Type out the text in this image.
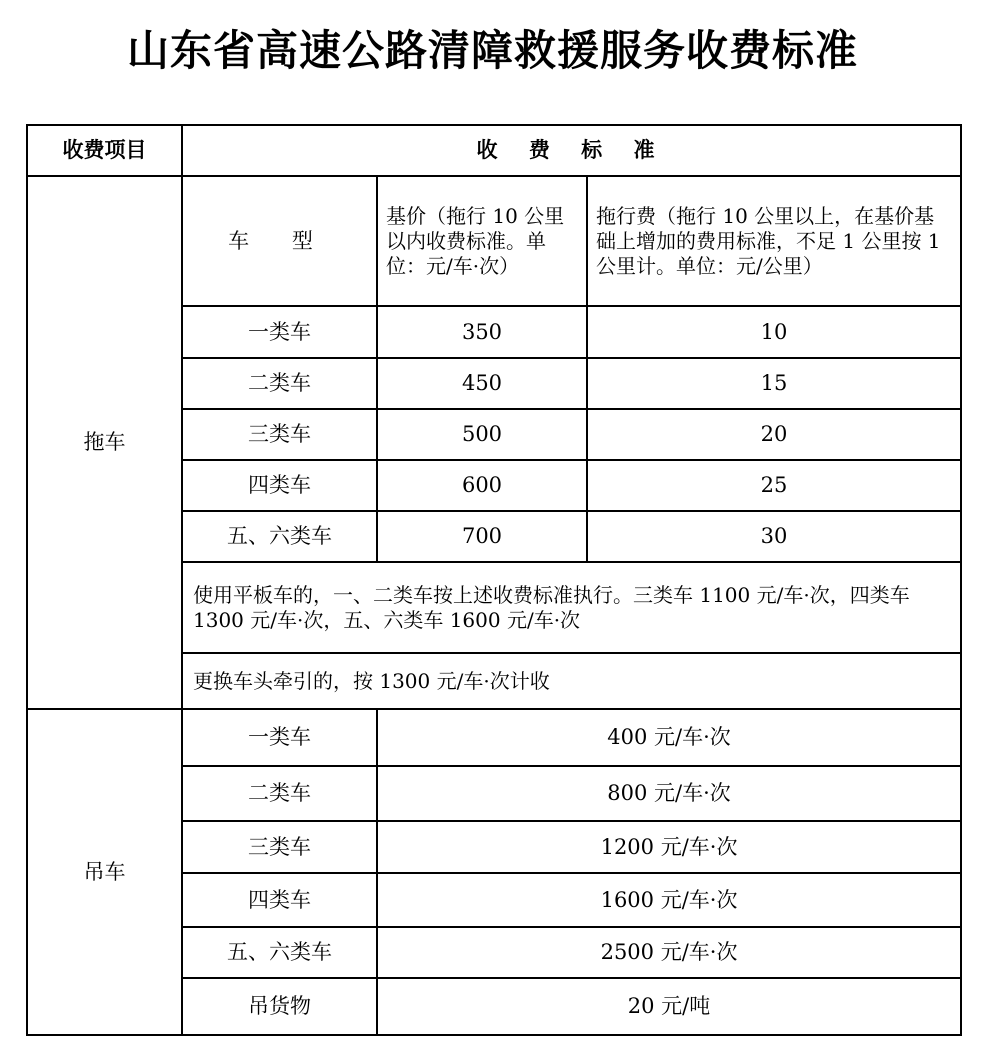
山东省高速公路清障救援服务收费标准
收费项目	收 费 标 准		
拖车	车 型	基价（拖行 10 公里以内收费标准。单位：元/车·次）	拖行费（拖行 10 公里以上，在基价基础上增加的费用标准，不足 1 公里按 1 公里计。单位：元/公里）
	一类车	350	10
	二类车	450	15
	三类车	500	20
	四类车	600	25
	五、六类车	700	30
	使用平板车的，一、二类车按上述收费标准执行。三类车 1100 元/车·次，四类车 1300 元/车·次，五、六类车 1600 元/车·次		
	更换车头牵引的，按 1300 元/车·次计收		
吊车	一类车	400 元/车·次	
	二类车	800 元/车·次	
	三类车	1200 元/车·次	
	四类车	1600 元/车·次	
	五、六类车	2500 元/车·次	
	吊货物	20 元/吨	
